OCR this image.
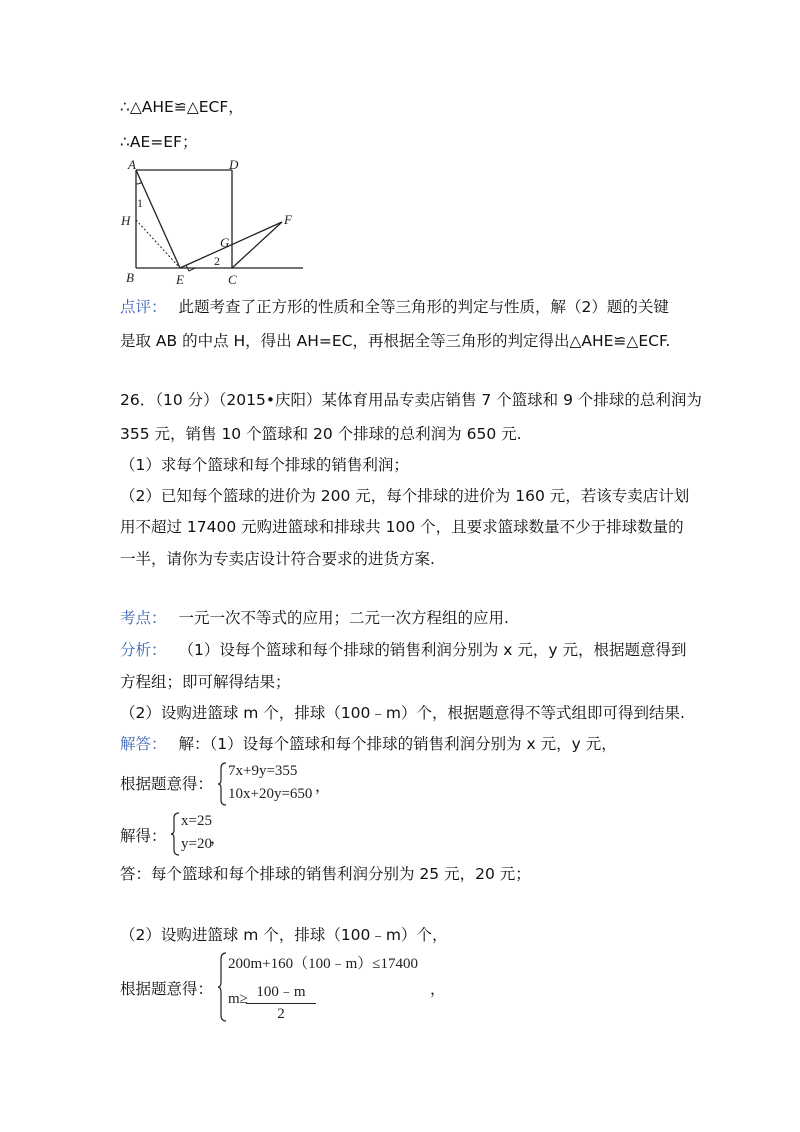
∴△AHE≌△ECF，
∴AE=EF；
A	D
H
1
F
G
2
B	E	C
点评： 此题考查了正方形的性质和全等三角形的判定与性质，解（2）题的关键
是取 AB 的中点 H，得出 AH=EC，再根据全等三角形的判定得出△AHE≌△ECF.
26．（10 分）（2015•庆阳）某体育用品专卖店销售 7 个篮球和 9 个排球的总利润为
355 元，销售 10 个篮球和 20 个排球的总利润为 650 元.
（1）求每个篮球和每个排球的销售利润；
（2）已知每个篮球的进价为 200 元，每个排球的进价为 160 元，若该专卖店计划
用不超过 17400 元购进篮球和排球共 100 个，且要求篮球数量不少于排球数量的
一半，请你为专卖店设计符合要求的进货方案.
考点： 一元一次不等式的应用；二元一次方程组的应用.
分析： （1）设每个篮球和每个排球的销售利润分别为 x 元，y 元，根据题意得到
方程组；即可解得结果；
（2）设购进篮球 m 个，排球（100﹣m）个，根据题意得不等式组即可得到结果.
解答： 解：（1）设每个篮球和每个排球的销售利润分别为 x 元，y 元，
根据题意得：
7x+9y=355
10x+20y=650 ，
解得：
x=25
y=20
，
答：每个篮球和每个排球的销售利润分别为 25 元，20 元；
（2）设购进篮球 m 个，排球（100﹣m）个，
根据题意得：
200m+160（100﹣m）≤17400
m≥ 100﹣m
2
，
